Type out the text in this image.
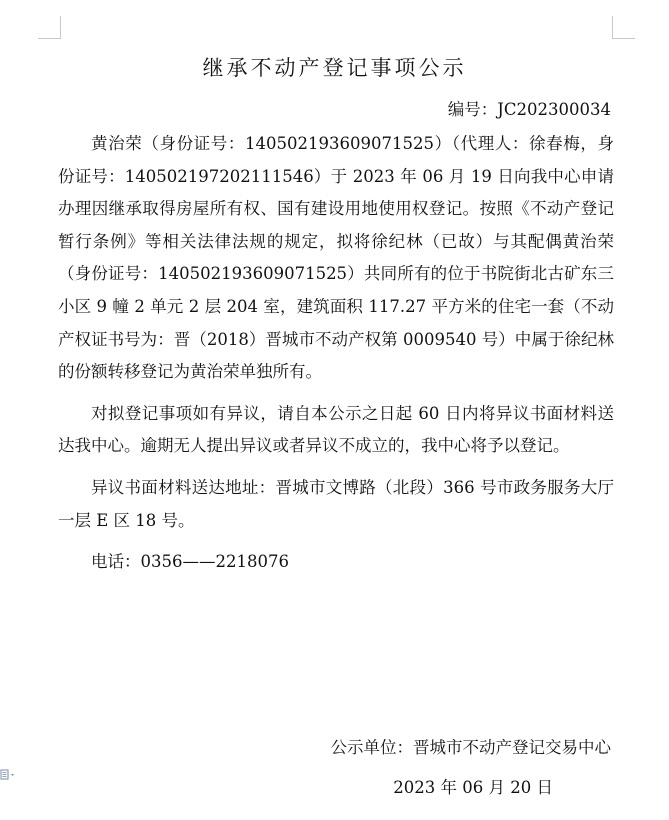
继承不动产登记事项公示
编号：JC202300034

黄治荣（身份证号：140502193609071525）（代理人：徐春梅，身份证号：140502197202111546）于 2023 年 06 月 19 日向我中心申请办理因继承取得房屋所有权、国有建设用地使用权登记。按照《不动产登记暂行条例》等相关法律法规的规定，拟将徐纪林（已故）与其配偶黄治荣（身份证号：140502193609071525）共同所有的位于书院街北古矿东三小区 9 幢 2 单元 2 层 204 室，建筑面积 117.27 平方米的住宅一套（不动产权证书号为：晋（2018）晋城市不动产权第 0009540 号）中属于徐纪林的份额转移登记为黄治荣单独所有。

对拟登记事项如有异议，请自本公示之日起 60 日内将异议书面材料送达我中心。逾期无人提出异议或者异议不成立的，我中心将予以登记。

异议书面材料送达地址：晋城市文博路（北段）366 号市政务服务大厅一层 E 区 18 号。

电话：0356——2218076

公示单位：晋城市不动产登记交易中心
2023 年 06 月 20 日
